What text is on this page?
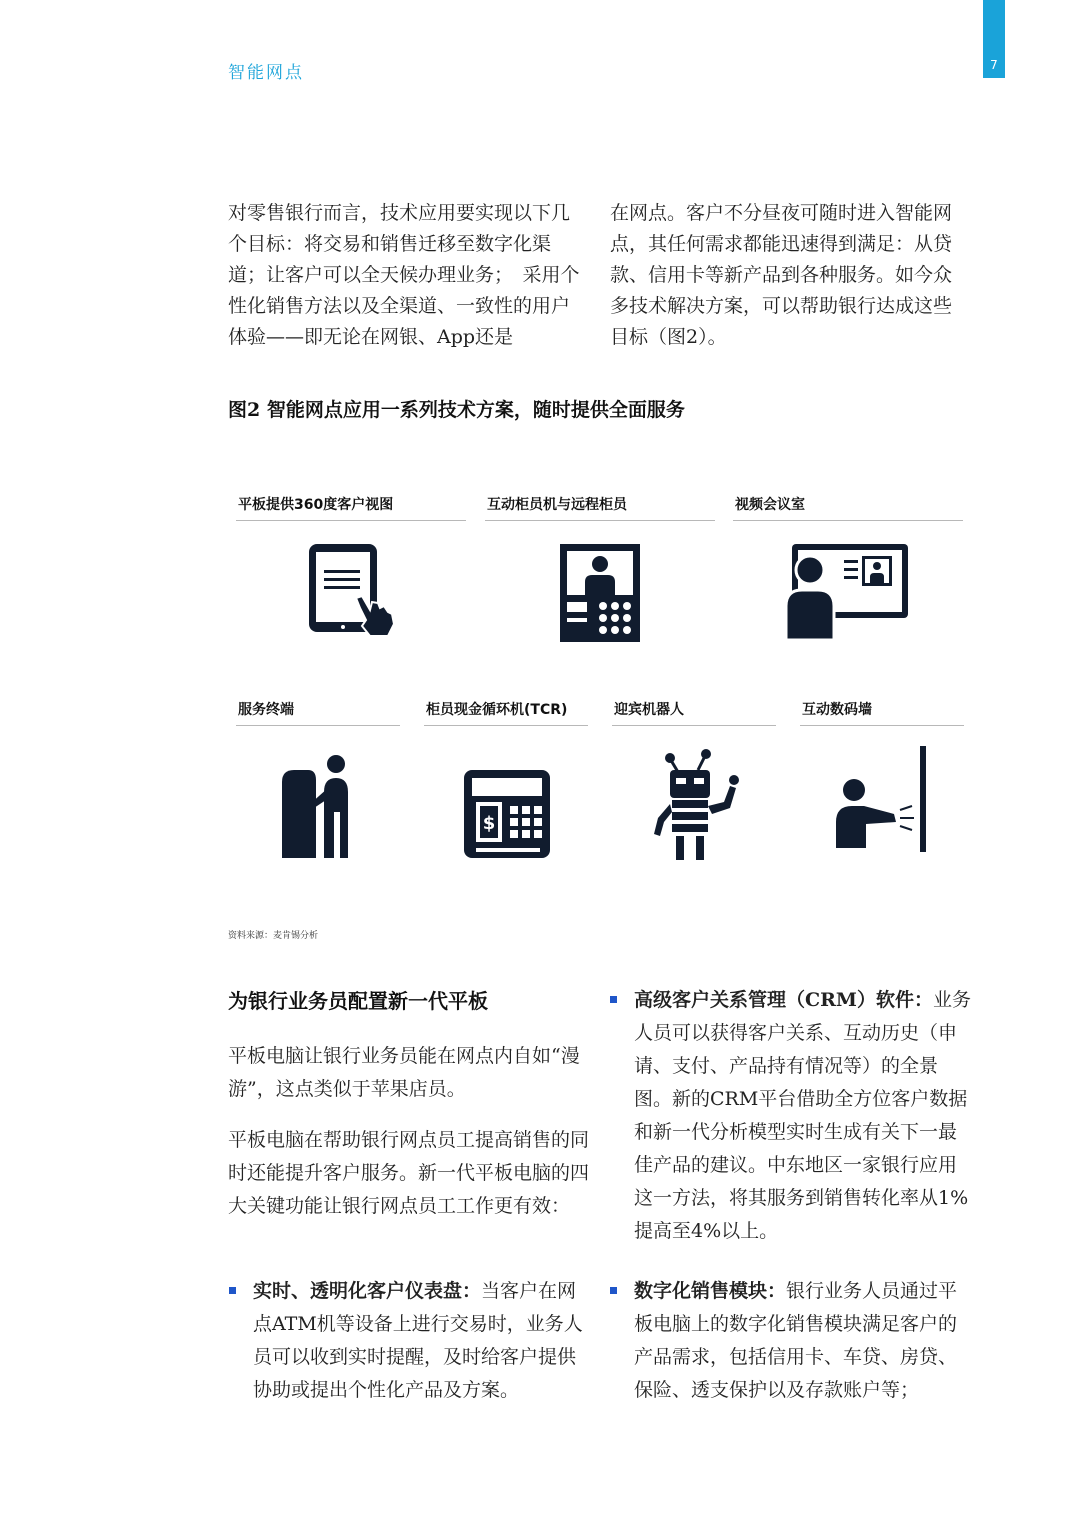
7
智能网点
对零售银行而言，技术应用要实现以下几个目标：将交易和销售迁移至数字化渠道；让客户可以全天候办理业务；　采用个性化销售方法以及全渠道、一致性的用户体验——即无论在网银、App还是
在网点。客户不分昼夜可随时进入智能网点，其任何需求都能迅速得到满足：从贷款、信用卡等新产品到各种服务。如今众多技术解决方案，可以帮助银行达成这些目标（图2）。
图2 智能网点应用一系列技术方案，随时提供全面服务
平板提供360度客户视图	互动柜员机与远程柜员	视频会议室
服务终端	柜员现金循环机(TCR)	迎宾机器人	互动数码墙
$
资料来源：麦肯锡分析
为银行业务员配置新一代平板
平板电脑让银行业务员能在网点内自如“漫游”，这点类似于苹果店员。
平板电脑在帮助银行网点员工提高销售的同时还能提升客户服务。新一代平板电脑的四大关键功能让银行网点员工工作更有效：
实时、透明化客户仪表盘：当客户在网点ATM机等设备上进行交易时，业务人员可以收到实时提醒，及时给客户提供协助或提出个性化产品及方案。
高级客户关系管理（CRM）软件：业务人员可以获得客户关系、互动历史（申请、支付、产品持有情况等）的全景图。新的CRM平台借助全方位客户数据和新一代分析模型实时生成有关下一最佳产品的建议。中东地区一家银行应用这一方法，将其服务到销售转化率从1%提高至4%以上。
数字化销售模块：银行业务人员通过平板电脑上的数字化销售模块满足客户的产品需求，包括信用卡、车贷、房贷、保险、透支保护以及存款账户等；
